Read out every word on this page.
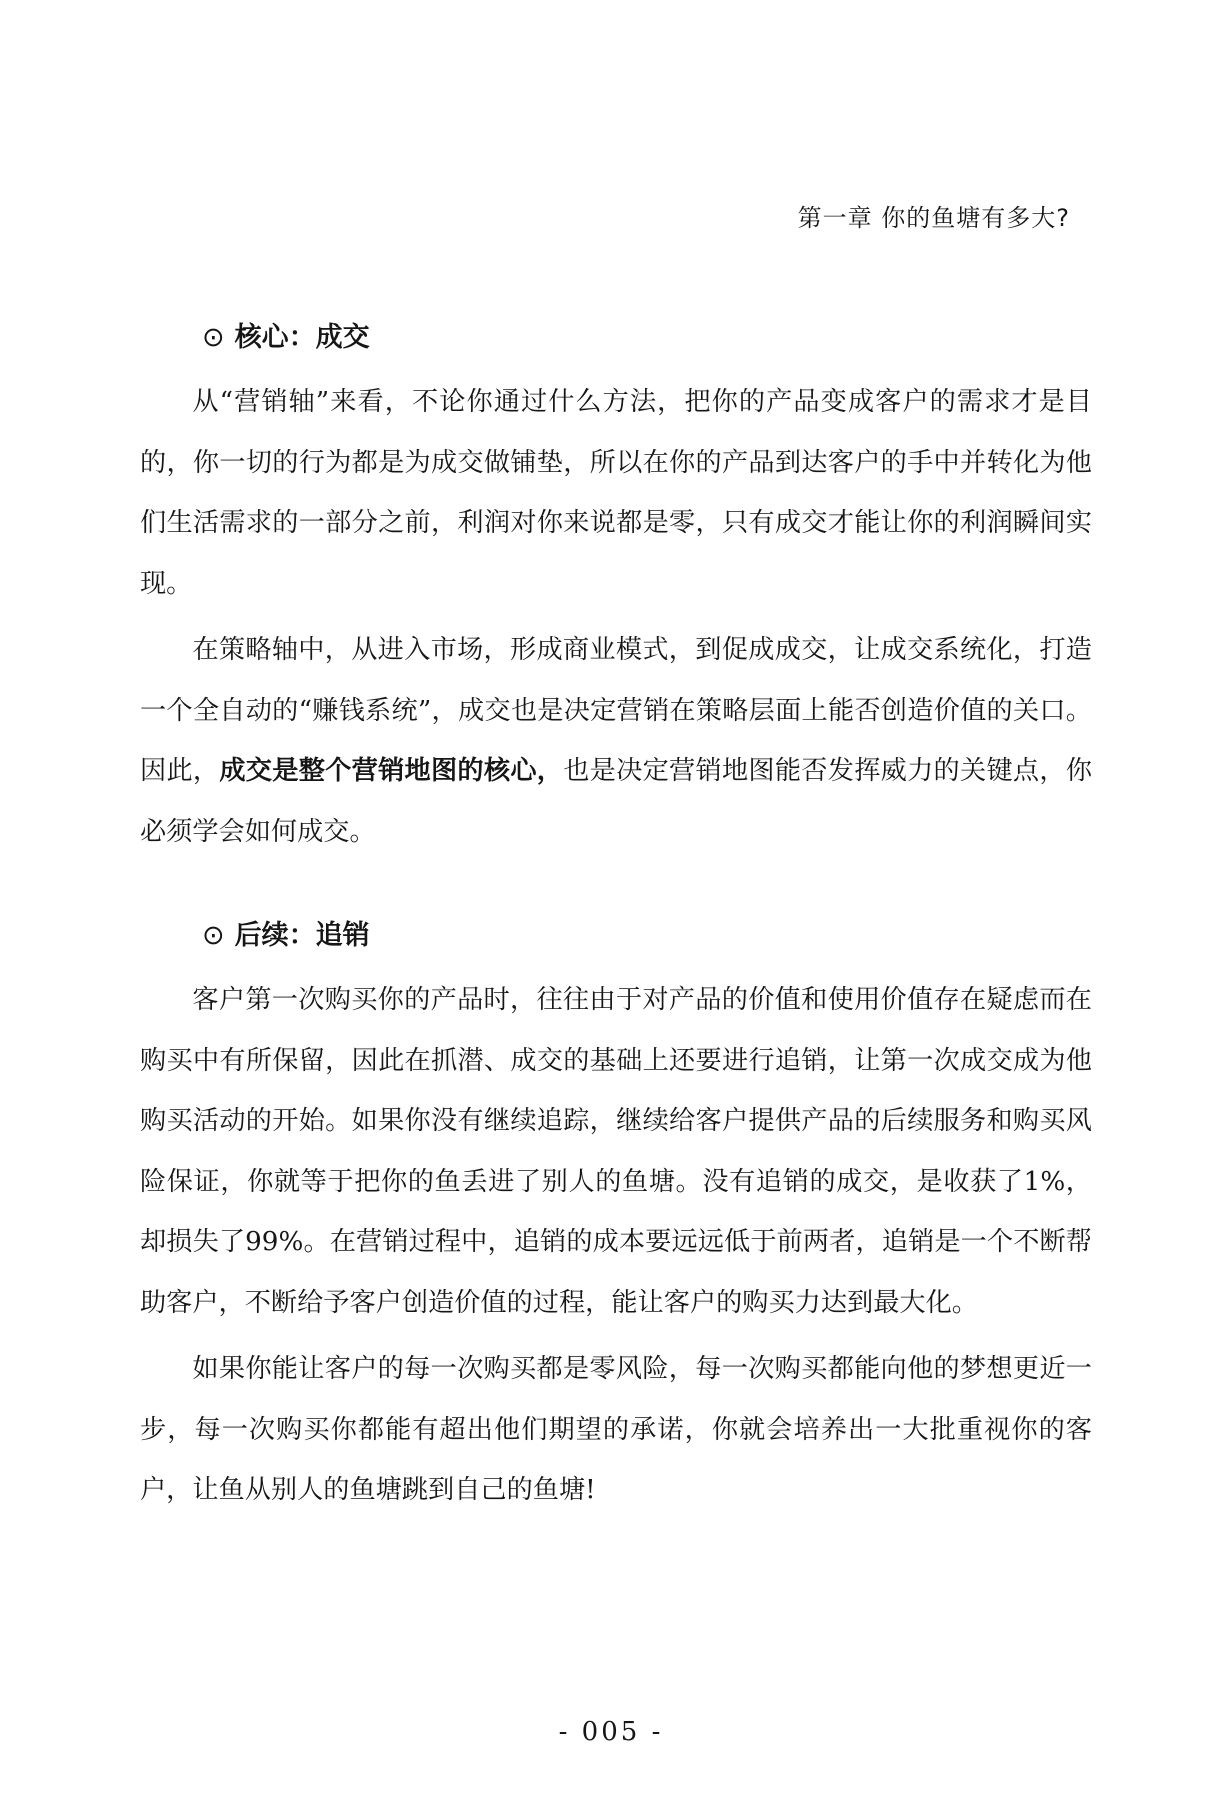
第一章 你的鱼塘有多大?
⊙ 核心：成交

从“营销轴”来看，不论你通过什么方法，把你的产品变成客户的需求才是目的，你一切的行为都是为成交做铺垫，所以在你的产品到达客户的手中并转化为他们生活需求的一部分之前，利润对你来说都是零，只有成交才能让你的利润瞬间实现。

在策略轴中，从进入市场，形成商业模式，到促成成交，让成交系统化，打造一个全自动的“赚钱系统”，成交也是决定营销在策略层面上能否创造价值的关口。因此，成交是整个营销地图的核心，也是决定营销地图能否发挥威力的关键点，你必须学会如何成交。

⊙ 后续：追销

客户第一次购买你的产品时，往往由于对产品的价值和使用价值存在疑虑而在购买中有所保留，因此在抓潜、成交的基础上还要进行追销，让第一次成交成为他购买活动的开始。如果你没有继续追踪，继续给客户提供产品的后续服务和购买风险保证，你就等于把你的鱼丢进了别人的鱼塘。没有追销的成交，是收获了1%，却损失了99%。在营销过程中，追销的成本要远远低于前两者，追销是一个不断帮助客户，不断给予客户创造价值的过程，能让客户的购买力达到最大化。

如果你能让客户的每一次购买都是零风险，每一次购买都能向他的梦想更近一步，每一次购买你都能有超出他们期望的承诺，你就会培养出一大批重视你的客户，让鱼从别人的鱼塘跳到自己的鱼塘!

- 005 -
